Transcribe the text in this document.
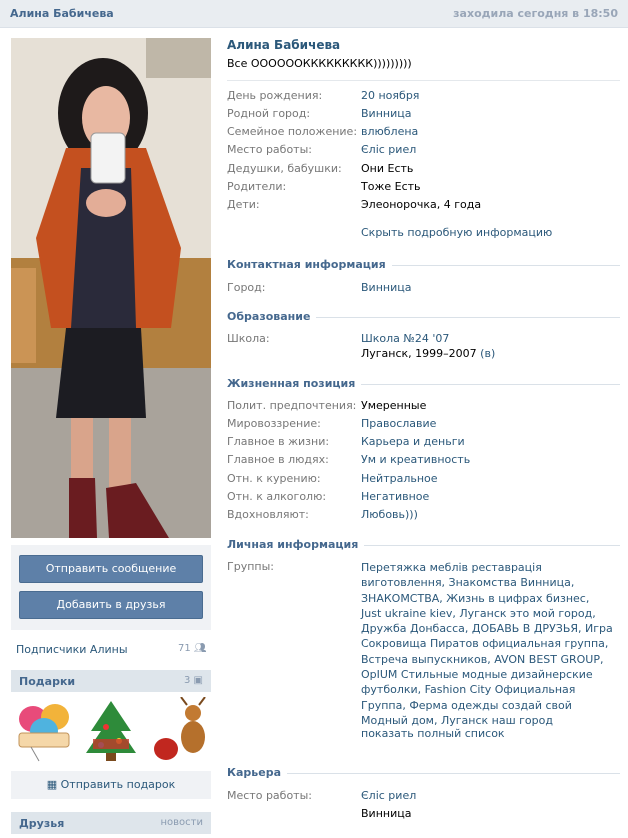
Алина Бабичева	заходила сегодня в 18:50
Отправить сообщение
Добавить в друзья
Подписчики Алины	71 👥︎
Подарки	3 ▣
▦ Отправить подарок
Друзья	новости
Алина Бабичева
Все ООООООККККККККК)))))))))
День рождения:	20 ноября
Родной город:	Винница
Семейное положение: влюблена
Место работы:	Єліс риел
Дедушки, бабушки: Они Есть
Родители:	Тоже Есть
Дети:	Элеонорочка, 4 года
Скрыть подробную информацию
Контактная информация
Город:	Винница
Образование
Школа:	Школа №24 '07
Луганск, 1999–2007 (в)
Жизненная позиция
Полит. предпочтения: Умеренные
Мировоззрение:	Православие
Главное в жизни:	Карьера и деньги
Главное в людях:	Ум и креативность
Отн. к курению:	Нейтральное
Отн. к алкоголю:	Негативное
Вдохновляют:	Любовь)))
Личная информация
Группы:	Перетяжка меблів реставрація виготовлення, Знакомства Винница, ЗНАКОМСТВА, Жизнь в цифрах бизнес, Just ukraine kiev, Луганск это мой город, Дружба Донбасса, ДОБАВЬ В ДРУЗЬЯ, Игра Сокровища Пиратов официальная группа, Встреча выпускников, AVON BEST GROUP, OpIUM Стильные модные дизайнерские футболки, Fashion City Официальная Группа, Ферма одежды создай свой Модный дом, Луганск наш город
показать полный список
Карьера
Место работы:	Єліс риел
Винница
